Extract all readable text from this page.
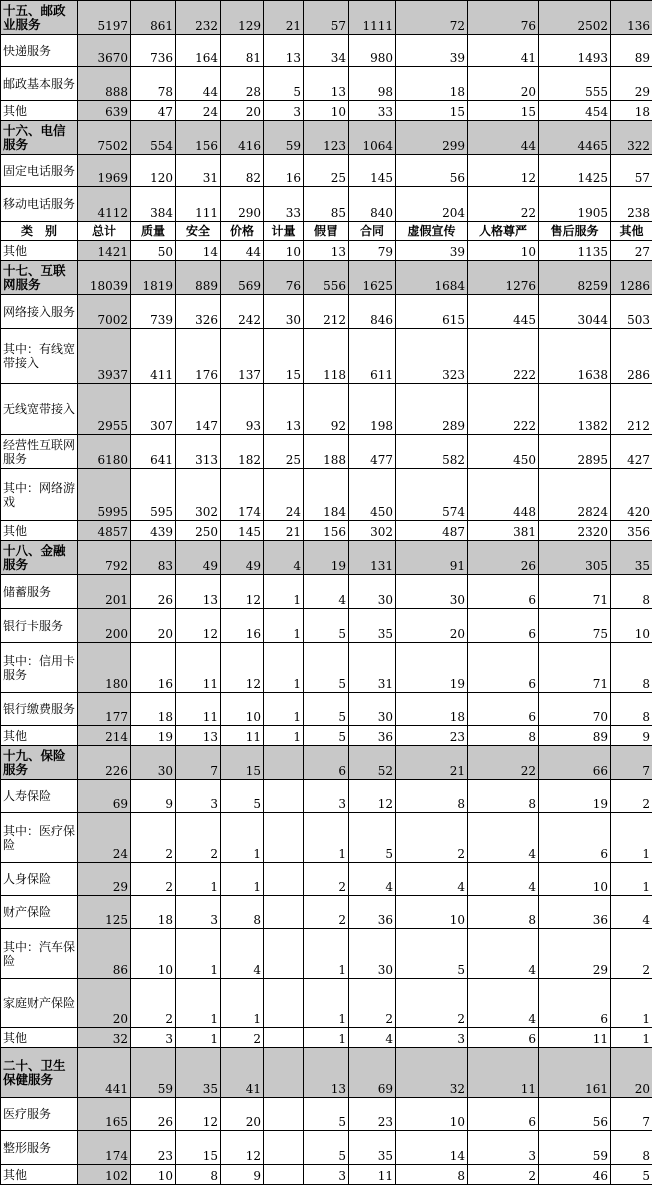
十五、邮政业服务	5197	861	232	129	21	57	1111	72	76	2502	136
快递服务	3670	736	164	81	13	34	980	39	41	1493	89
邮政基本服务	888	78	44	28	5	13	98	18	20	555	29
其他	639	47	24	20	3	10	33	15	15	454	18
十六、电信服务	7502	554	156	416	59	123	1064	299	44	4465	322
固定电话服务	1969	120	31	82	16	25	145	56	12	1425	57
移动电话服务	4112	384	111	290	33	85	840	204	22	1905	238
类　别	总计	质量	安全	价格	计量	假冒	合同	虚假宣传	人格尊严	售后服务	其他
其他	1421	50	14	44	10	13	79	39	10	1135	27
十七、互联网服务	18039	1819	889	569	76	556	1625	1684	1276	8259	1286
网络接入服务	7002	739	326	242	30	212	846	615	445	3044	503
其中：有线宽带接入	3937	411	176	137	15	118	611	323	222	1638	286
无线宽带接入	2955	307	147	93	13	92	198	289	222	1382	212
经营性互联网服务	6180	641	313	182	25	188	477	582	450	2895	427
其中：网络游戏	5995	595	302	174	24	184	450	574	448	2824	420
其他	4857	439	250	145	21	156	302	487	381	2320	356
十八、金融服务	792	83	49	49	4	19	131	91	26	305	35
储蓄服务	201	26	13	12	1	4	30	30	6	71	8
银行卡服务	200	20	12	16	1	5	35	20	6	75	10
其中：信用卡服务	180	16	11	12	1	5	31	19	6	71	8
银行缴费服务	177	18	11	10	1	5	30	18	6	70	8
其他	214	19	13	11	1	5	36	23	8	89	9
十九、保险服务	226	30	7	15		6	52	21	22	66	7
人寿保险	69	9	3	5		3	12	8	8	19	2
其中：医疗保险	24	2	2	1		1	5	2	4	6	1
人身保险	29	2	1	1		2	4	4	4	10	1
财产保险	125	18	3	8		2	36	10	8	36	4
其中：汽车保险	86	10	1	4		1	30	5	4	29	2
家庭财产保险	20	2	1	1		1	2	2	4	6	1
其他	32	3	1	2		1	4	3	6	11	1
二十、卫生保健服务	441	59	35	41		13	69	32	11	161	20
医疗服务	165	26	12	20		5	23	10	6	56	7
整形服务	174	23	15	12		5	35	14	3	59	8
其他	102	10	8	9		3	11	8	2	46	5
